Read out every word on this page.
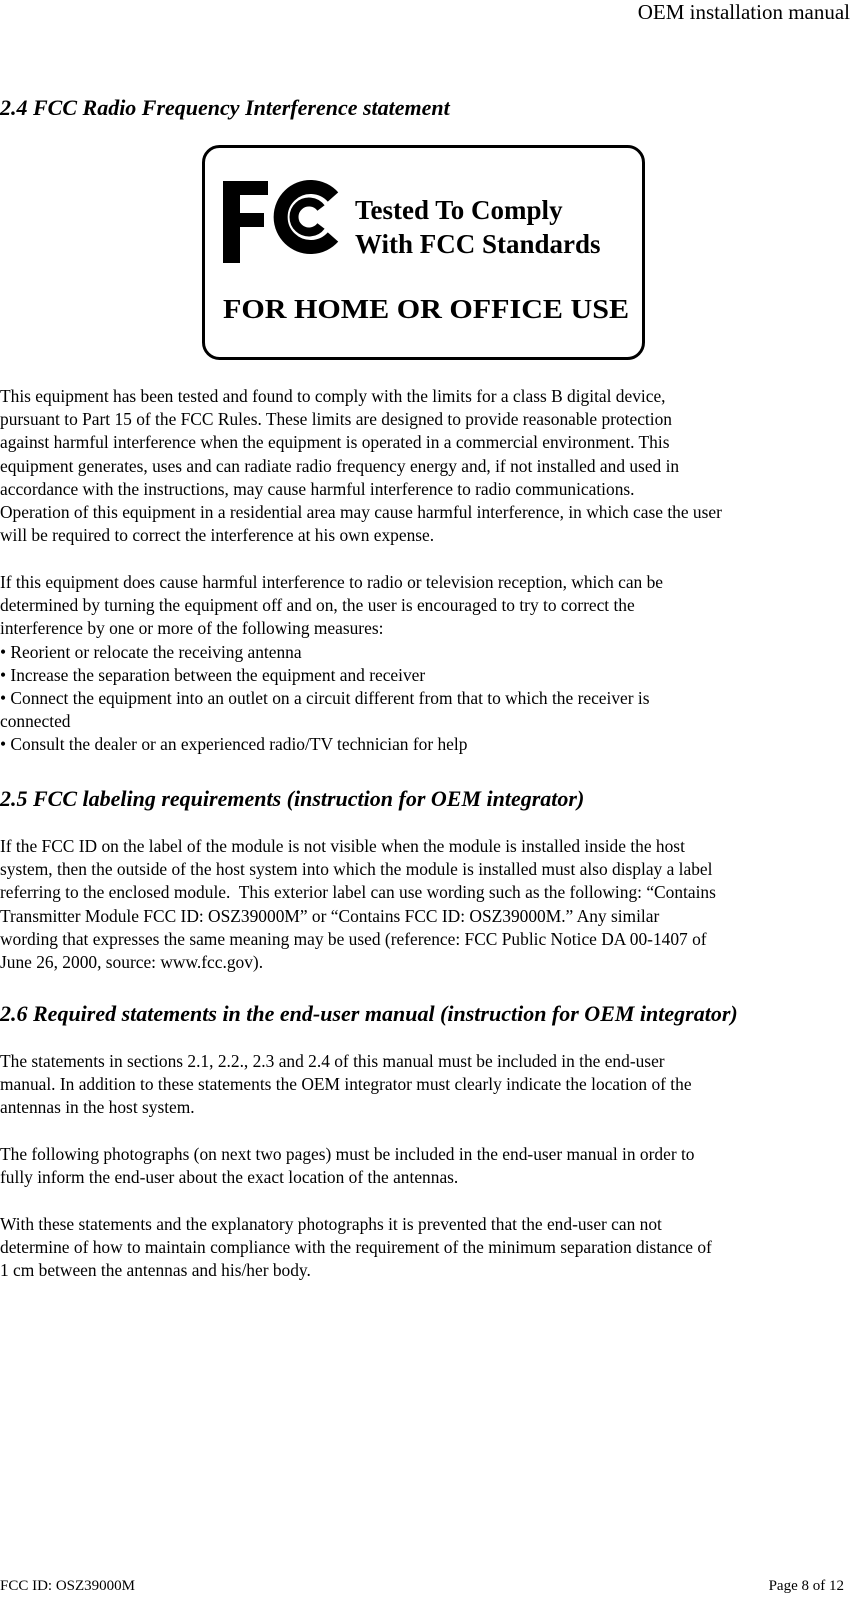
OEM installation manual
2.4 FCC Radio Frequency Interference statement
Tested To Comply
With FCC Standards
FOR HOME OR OFFICE USE
This equipment has been tested and found to comply with the limits for a class B digital device,
pursuant to Part 15 of the FCC Rules. These limits are designed to provide reasonable protection
against harmful interference when the equipment is operated in a commercial environment. This
equipment generates, uses and can radiate radio frequency energy and, if not installed and used in
accordance with the instructions, may cause harmful interference to radio communications.
Operation of this equipment in a residential area may cause harmful interference, in which case the user
will be required to correct the interference at his own expense.
If this equipment does cause harmful interference to radio or television reception, which can be
determined by turning the equipment off and on, the user is encouraged to try to correct the
interference by one or more of the following measures:
• Reorient or relocate the receiving antenna
• Increase the separation between the equipment and receiver
• Connect the equipment into an outlet on a circuit different from that to which the receiver is
connected
• Consult the dealer or an experienced radio/TV technician for help
2.5 FCC labeling requirements (instruction for OEM integrator)
If the FCC ID on the label of the module is not visible when the module is installed inside the host
system, then the outside of the host system into which the module is installed must also display a label
referring to the enclosed module.  This exterior label can use wording such as the following: “Contains
Transmitter Module FCC ID: OSZ39000M” or “Contains FCC ID: OSZ39000M.” Any similar
wording that expresses the same meaning may be used (reference: FCC Public Notice DA 00-1407 of
June 26, 2000, source: www.fcc.gov).
2.6 Required statements in the end-user manual (instruction for OEM integrator)
The statements in sections 2.1, 2.2., 2.3 and 2.4 of this manual must be included in the end-user
manual. In addition to these statements the OEM integrator must clearly indicate the location of the
antennas in the host system.
The following photographs (on next two pages) must be included in the end-user manual in order to
fully inform the end-user about the exact location of the antennas.
With these statements and the explanatory photographs it is prevented that the end-user can not
determine of how to maintain compliance with the requirement of the minimum separation distance of
1 cm between the antennas and his/her body.
FCC ID: OSZ39000M	Page 8 of 12
